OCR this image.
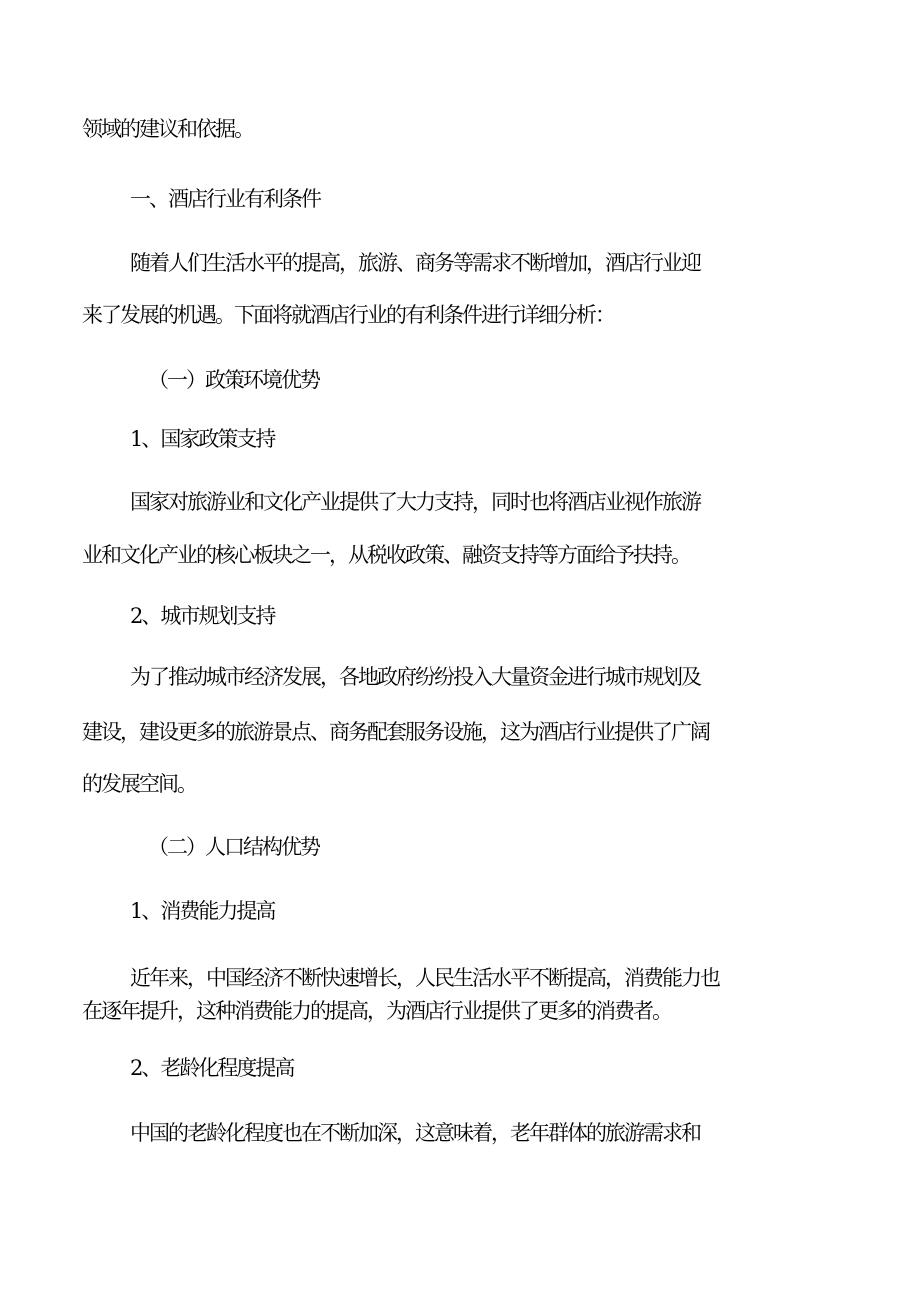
领域的建议和依据。
一、酒店行业有利条件
随着人们生活水平的提高，旅游、商务等需求不断增加，酒店行业迎
来了发展的机遇。下面将就酒店行业的有利条件进行详细分析：
（一）政策环境优势
1、国家政策支持
国家对旅游业和文化产业提供了大力支持，同时也将酒店业视作旅游
业和文化产业的核心板块之一，从税收政策、融资支持等方面给予扶持。
2、城市规划支持
为了推动城市经济发展，各地政府纷纷投入大量资金进行城市规划及
建设，建设更多的旅游景点、商务配套服务设施，这为酒店行业提供了广阔
的发展空间。
（二）人口结构优势
1、消费能力提高
近年来，中国经济不断快速增长，人民生活水平不断提高，消费能力也
在逐年提升，这种消费能力的提高，为酒店行业提供了更多的消费者。
2、老龄化程度提高
中国的老龄化程度也在不断加深，这意味着，老年群体的旅游需求和
